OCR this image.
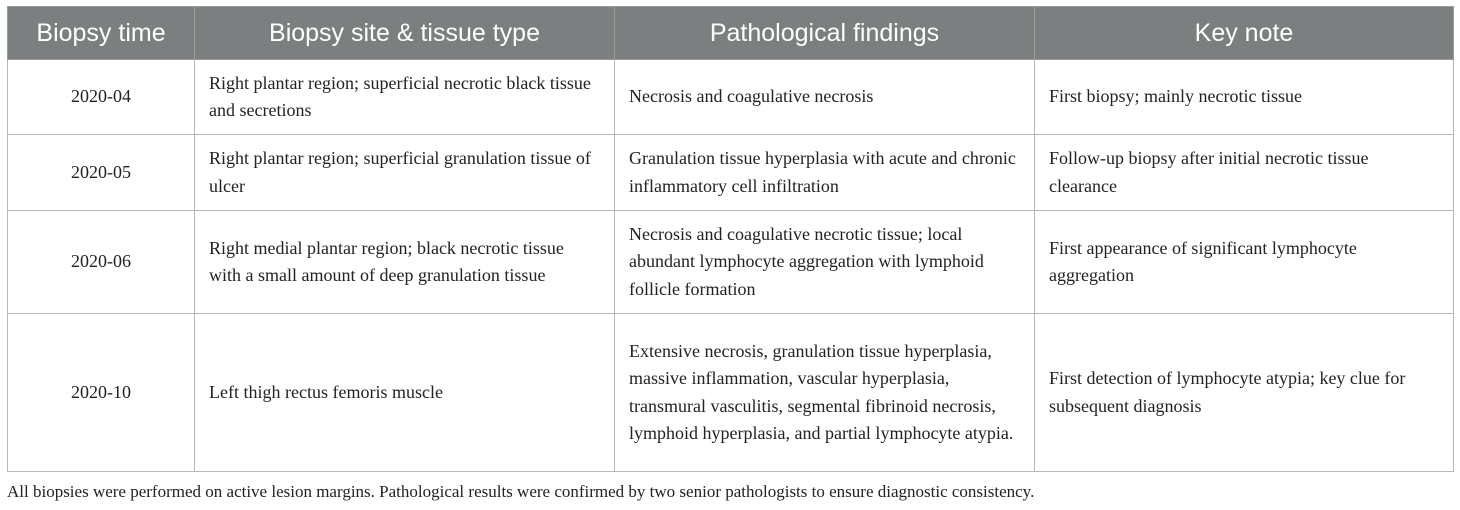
Biopsy time	Biopsy site & tissue type	Pathological findings	Key note
2020-04	Right plantar region; superficial necrotic black tissue and secretions	Necrosis and coagulative necrosis	First biopsy; mainly necrotic tissue
2020-05	Right plantar region; superficial granulation tissue of ulcer	Granulation tissue hyperplasia with acute and chronic inflammatory cell infiltration	Follow-up biopsy after initial necrotic tissue clearance
2020-06	Right medial plantar region; black necrotic tissue with a small amount of deep granulation tissue	Necrosis and coagulative necrotic tissue; local abundant lymphocyte aggregation with lymphoid follicle formation	First appearance of significant lymphocyte aggregation
2020-10	Left thigh rectus femoris muscle	Extensive necrosis, granulation tissue hyperplasia, massive inflammation, vascular hyperplasia, transmural vasculitis, segmental fibrinoid necrosis, lymphoid hyperplasia, and partial lymphocyte atypia.	First detection of lymphocyte atypia; key clue for subsequent diagnosis
All biopsies were performed on active lesion margins. Pathological results were confirmed by two senior pathologists to ensure diagnostic consistency.
